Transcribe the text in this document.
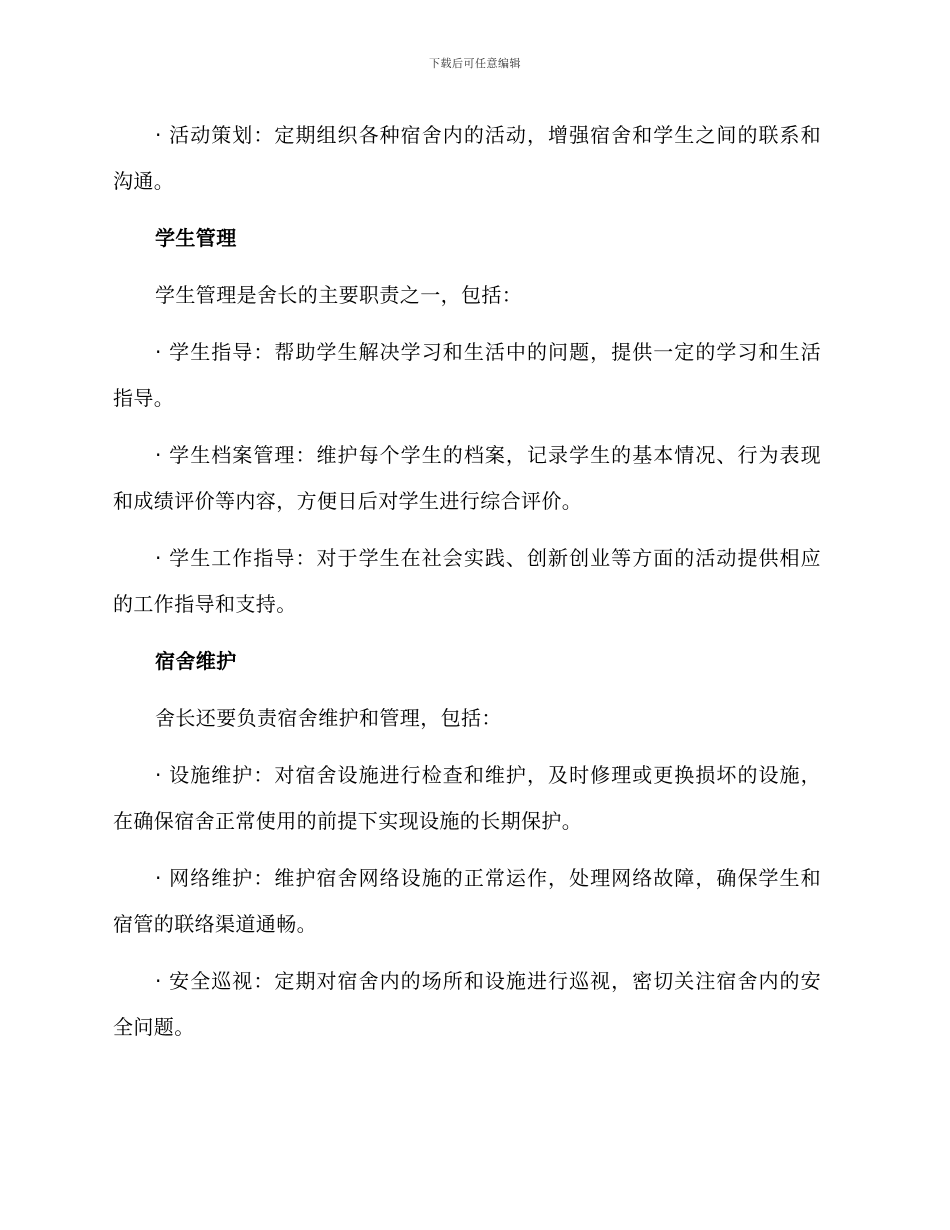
下载后可任意编辑

· 活动策划：定期组织各种宿舍内的活动，增强宿舍和学生之间的联系和沟通。

学生管理

学生管理是舍长的主要职责之一，包括：

· 学生指导：帮助学生解决学习和生活中的问题，提供一定的学习和生活指导。

· 学生档案管理：维护每个学生的档案，记录学生的基本情况、行为表现和成绩评价等内容，方便日后对学生进行综合评价。

· 学生工作指导：对于学生在社会实践、创新创业等方面的活动提供相应的工作指导和支持。

宿舍维护

舍长还要负责宿舍维护和管理，包括：

· 设施维护：对宿舍设施进行检查和维护，及时修理或更换损坏的设施，在确保宿舍正常使用的前提下实现设施的长期保护。

· 网络维护：维护宿舍网络设施的正常运作，处理网络故障，确保学生和宿管的联络渠道通畅。

· 安全巡视：定期对宿舍内的场所和设施进行巡视，密切关注宿舍内的安全问题。
